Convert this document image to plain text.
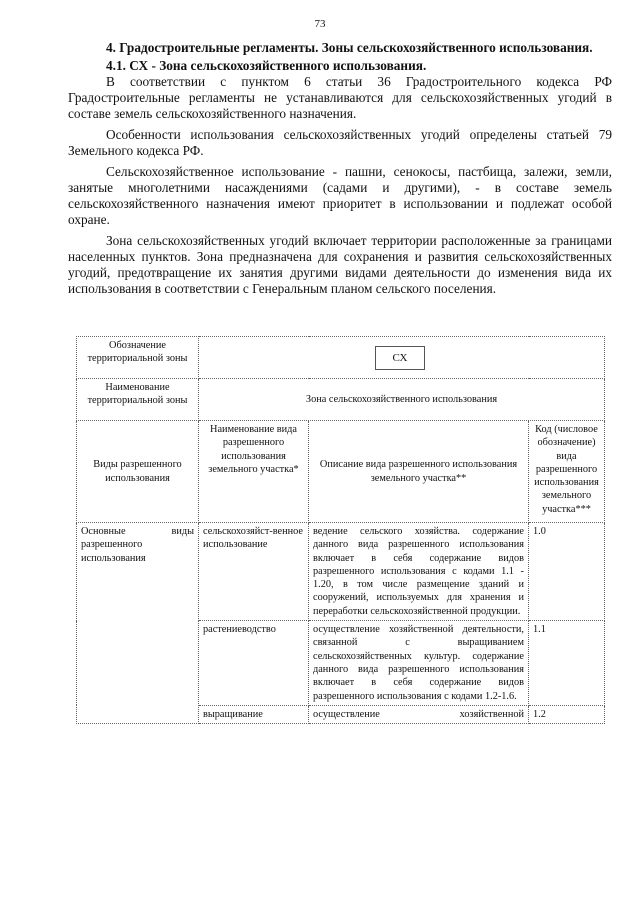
73

4. Градостроительные регламенты. Зоны сельскохозяйственного использования.

4.1. СХ - Зона сельскохозяйственного использования.

В соответствии с пунктом 6 статьи 36 Градостроительного кодекса РФ Градостроительные регламенты не устанавливаются для сельскохозяйственных угодий в составе земель сельскохозяйственного назначения.

Особенности использования сельскохозяйственных угодий определены статьей 79 Земельного кодекса РФ.

Сельскохозяйственное использование - пашни, сенокосы, пастбища, залежи, земли, занятые многолетними насаждениями (садами и другими), - в составе земель сельскохозяйственного назначения имеют приоритет в использовании и подлежат особой охране.

Зона сельскохозяйственных угодий включает территории расположенные за границами населенных пунктов. Зона предназначена для сохранения и развития сельскохозяйственных угодий, предотвращение их занятия другими видами деятельности до изменения вида их использования в соответствии с Генеральным планом сельского поселения.

Обозначение территориальной зоны	СХ		

Наименование территориальной зоны	Зона сельскохозяйственного использования		
Виды разрешенного использования	Наименование вида разрешенного использования земельного участка*	Описание вида разрешенного использования земельного участка**	Код (числовое обозначение) вида разрешенного использования земельного участка***
Основные виды разрешенного использования	сельскохозяйст-венное использование	ведение сельского хозяйства. содержание данного вида разрешенного использования включает в себя содержание видов разрешенного использования с кодами 1.1 - 1.20, в том числе размещение зданий и сооружений, используемых для хранения и переработки сельскохозяйственной продукции.	1.0
	растениеводство	осуществление хозяйственной деятельности, связанной с выращиванием сельскохозяйственных культур. содержание данного вида разрешенного использования включает в себя содержание видов разрешенного использования с кодами 1.2-1.6.	1.1
	выращивание	осуществление хозяйственной	1.2
